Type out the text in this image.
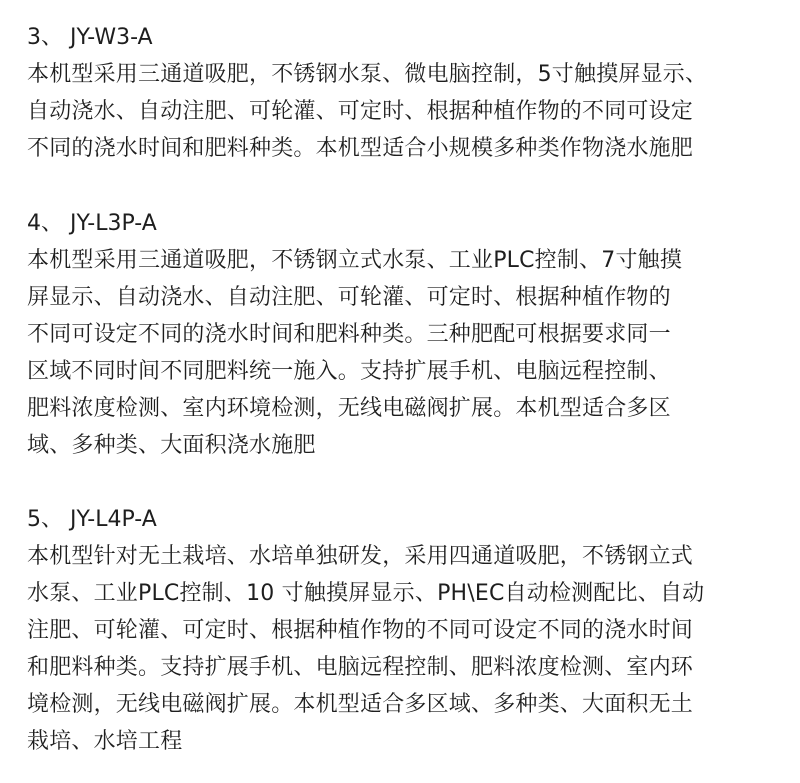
3、 JY-W3-A
本机型采用三通道吸肥，不锈钢水泵、微电脑控制，5寸触摸屏显示、
自动浇水、自动注肥、可轮灌、可定时、根据种植作物的不同可设定
不同的浇水时间和肥料种类。本机型适合小规模多种类作物浇水施肥
4、 JY-L3P-A
本机型采用三通道吸肥，不锈钢立式水泵、工业PLC控制、7寸触摸
屏显示、自动浇水、自动注肥、可轮灌、可定时、根据种植作物的
不同可设定不同的浇水时间和肥料种类。三种肥配可根据要求同一
区域不同时间不同肥料统一施入。支持扩展手机、电脑远程控制、
肥料浓度检测、室内环境检测，无线电磁阀扩展。本机型适合多区
域、多种类、大面积浇水施肥
5、 JY-L4P-A
本机型针对无土栽培、水培单独研发，采用四通道吸肥，不锈钢立式
水泵、工业PLC控制、10 寸触摸屏显示、PH\EC自动检测配比、自动
注肥、可轮灌、可定时、根据种植作物的不同可设定不同的浇水时间
和肥料种类。支持扩展手机、电脑远程控制、肥料浓度检测、室内环
境检测，无线电磁阀扩展。本机型适合多区域、多种类、大面积无土
栽培、水培工程
